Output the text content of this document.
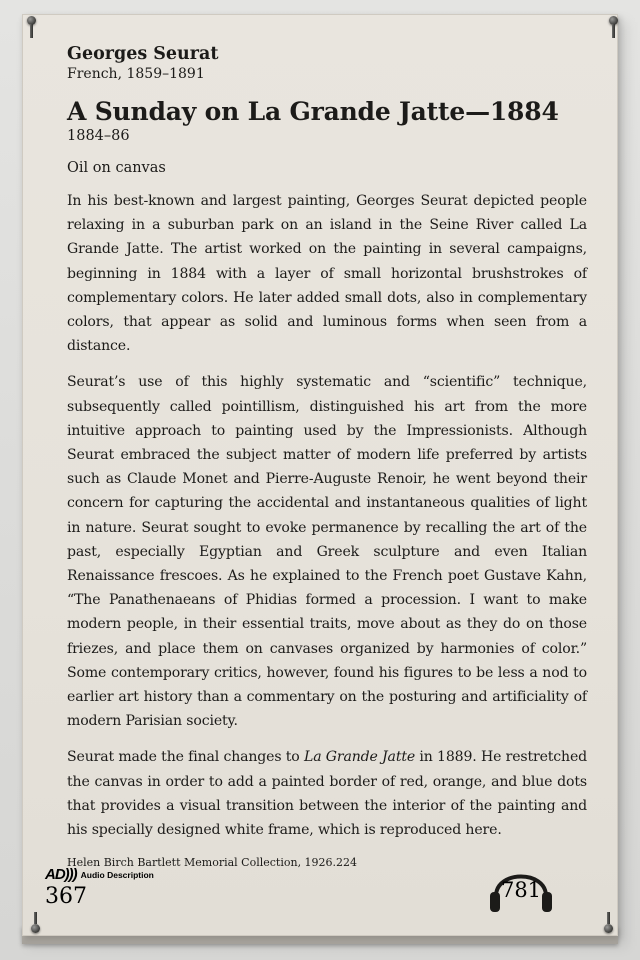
Georges Seurat

French, 1859–1891

A Sunday on La Grande Jatte—1884

1884–86

Oil on canvas

In his best-known and largest painting, Georges Seurat depicted people relaxing in a suburban park on an island in the Seine River called La Grande Jatte. The artist worked on the painting in several campaigns, beginning in 1884 with a layer of small horizontal brushstrokes of complementary colors. He later added small dots, also in complementary colors, that appear as solid and luminous forms when seen from a distance.

Seurat’s use of this highly systematic and “scientific” technique, subsequently called pointillism, distinguished his art from the more intuitive approach to painting used by the Impressionists. Although Seurat embraced the subject matter of modern life preferred by artists such as Claude Monet and Pierre-Auguste Renoir, he went beyond their concern for capturing the accidental and instantaneous qualities of light in nature. Seurat sought to evoke permanence by recalling the art of the past, especially Egyptian and Greek sculpture and even Italian Renaissance frescoes. As he explained to the French poet Gustave Kahn, “The Panathenaeans of Phidias formed a procession. I want to make modern people, in their essential traits, move about as they do on those friezes, and place them on canvases organized by harmonies of color.” Some contemporary critics, however, found his figures to be less a nod to earlier art history than a commentary on the posturing and artificiality of modern Parisian society.

Seurat made the final changes to La Grande Jatte in 1889. He restretched the canvas in order to add a painted border of red, orange, and blue dots that provides a visual transition between the interior of the painting and his specially designed white frame, which is reproduced here.

Helen Birch Bartlett Memorial Collection, 1926.224

AD))) Audio Description
367	781
